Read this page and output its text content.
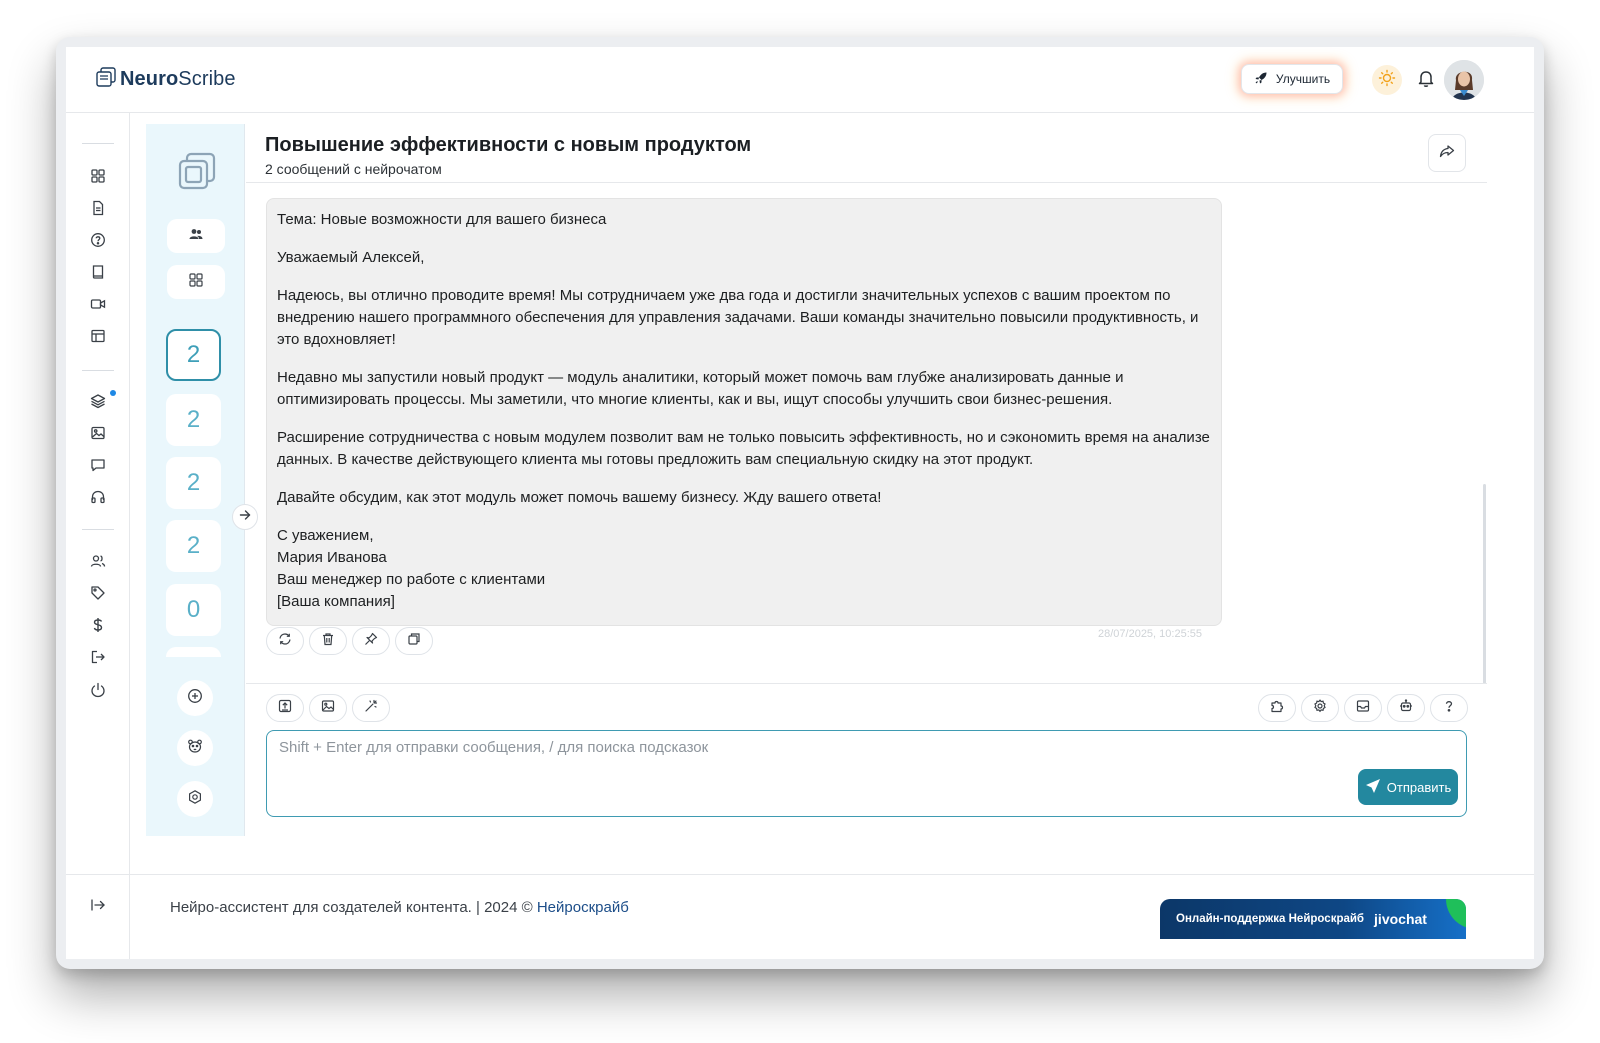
NeuroScribe	Улучшить
2
2
2
2
0
Повышение эффективности с новым продуктом
2 сообщений с нейрочатом

Тема: Новые возможности для вашего бизнеса

Уважаемый Алексей,

Надеюсь, вы отлично проводите время! Мы сотрудничаем уже два года и достигли значительных успехов с вашим проектом по внедрению нашего программного обеспечения для управления задачами. Ваши команды значительно повысили продуктивность, и это вдохновляет!

Недавно мы запустили новый продукт — модуль аналитики, который может помочь вам глубже анализировать данные и оптимизировать процессы. Мы заметили, что многие клиенты, как и вы, ищут способы улучшить свои бизнес-решения.

Расширение сотрудничества с новым модулем позволит вам не только повысить эффективность, но и сэкономить время на анализе данных. В качестве действующего клиента мы готовы предложить вам специальную скидку на этот продукт.

Давайте обсудим, как этот модуль может помочь вашему бизнесу. Жду вашего ответа!

С уважением,
Мария Иванова
Ваш менеджер по работе с клиентами
[Ваша компания]

28/07/2025, 10:25:55
Shift + Enter для отправки сообщения, / для поиска подсказок
Отправить
Нейро-ассистент для создателей контента. | 2024 © Нейроскрайб
Онлайн-поддержка Нейроскрайб jivochat
